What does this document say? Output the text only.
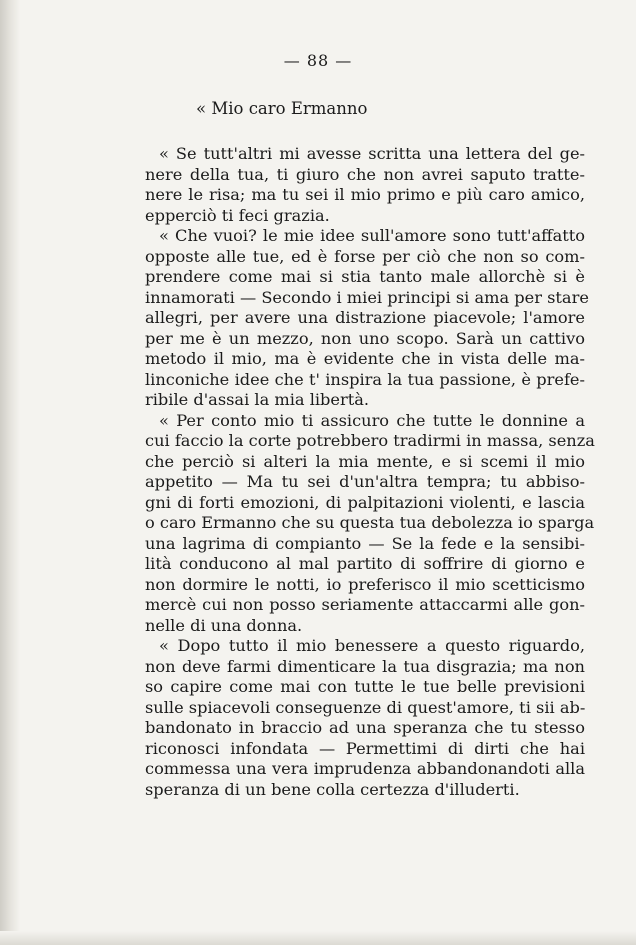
— 88 —
« Mio caro Ermanno
« Se tutt'altri mi avesse scritta una lettera del ge-
nere della tua, ti giuro che non avrei saputo tratte-
nere le risa; ma tu sei il mio primo e più caro amico,
epperciò ti feci grazia.
« Che vuoi? le mie idee sull'amore sono tutt'affatto
opposte alle tue, ed è forse per ciò che non so com-
prendere come mai si stia tanto male allorchè si è
innamorati — Secondo i miei principi si ama per stare
allegri, per avere una distrazione piacevole; l'amore
per me è un mezzo, non uno scopo. Sarà un cattivo
metodo il mio, ma è evidente che in vista delle ma-
linconiche idee che t' inspira la tua passione, è prefe-
ribile d'assai la mia libertà.
« Per conto mio ti assicuro che tutte le donnine a
cui faccio la corte potrebbero tradirmi in massa, senza
che perciò si alteri la mia mente, e si scemi il mio
appetito — Ma tu sei d'un'altra tempra; tu abbiso-
gni di forti emozioni, di palpitazioni violenti, e lascia
o caro Ermanno che su questa tua debolezza io sparga
una lagrima di compianto — Se la fede e la sensibi-
lità conducono al mal partito di soffrire di giorno e
non dormire le notti, io preferisco il mio scetticismo
mercè cui non posso seriamente attaccarmi alle gon-
nelle di una donna.
« Dopo tutto il mio benessere a questo riguardo,
non deve farmi dimenticare la tua disgrazia; ma non
so capire come mai con tutte le tue belle previsioni
sulle spiacevoli conseguenze di quest'amore, ti sii ab-
bandonato in braccio ad una speranza che tu stesso
riconosci infondata — Permettimi di dirti che hai
commessa una vera imprudenza abbandonandoti alla
speranza di un bene colla certezza d'illuderti.
